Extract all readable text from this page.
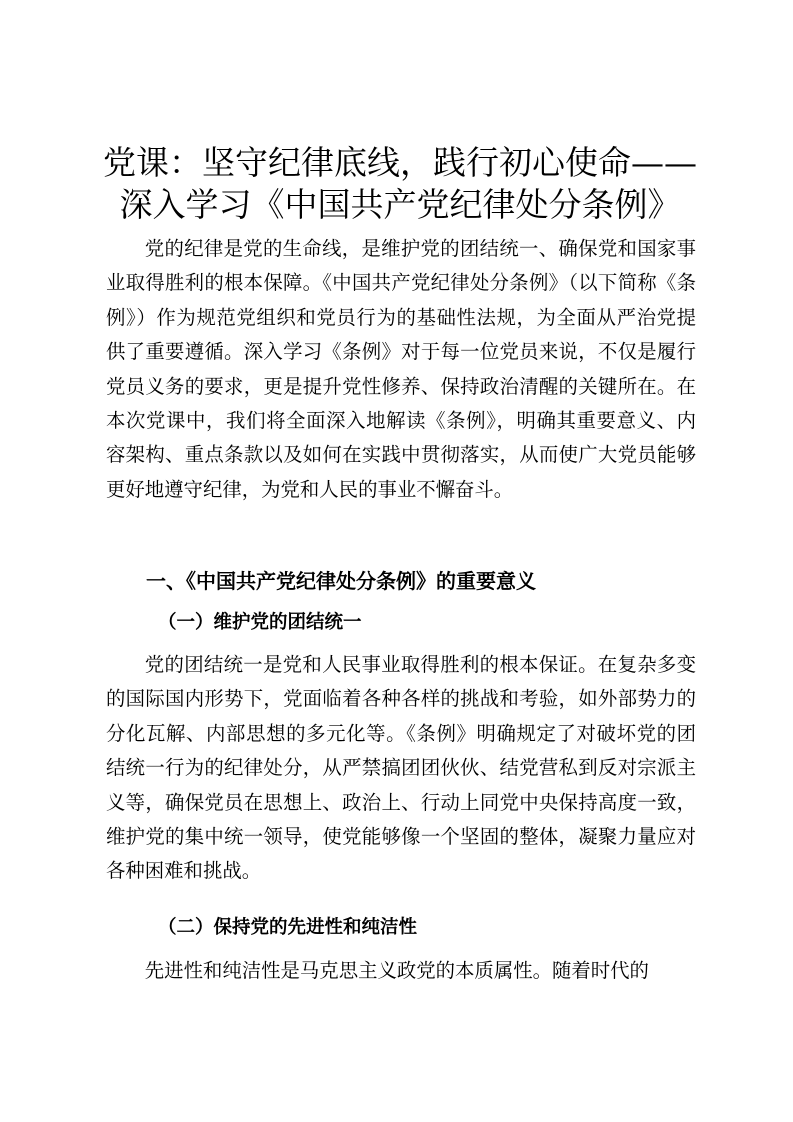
党课：坚守纪律底线，践行初心使命——深入学习《中国共产党纪律处分条例》

党的纪律是党的生命线，是维护党的团结统一、确保党和国家事业取得胜利的根本保障。《中国共产党纪律处分条例》（以下简称《条例》）作为规范党组织和党员行为的基础性法规，为全面从严治党提供了重要遵循。深入学习《条例》对于每一位党员来说，不仅是履行党员义务的要求，更是提升党性修养、保持政治清醒的关键所在。在本次党课中，我们将全面深入地解读《条例》，明确其重要意义、内容架构、重点条款以及如何在实践中贯彻落实，从而使广大党员能够更好地遵守纪律，为党和人民的事业不懈奋斗。

一、《中国共产党纪律处分条例》的重要意义
（一）维护党的团结统一

党的团结统一是党和人民事业取得胜利的根本保证。在复杂多变的国际国内形势下，党面临着各种各样的挑战和考验，如外部势力的分化瓦解、内部思想的多元化等。《条例》明确规定了对破坏党的团结统一行为的纪律处分，从严禁搞团团伙伙、结党营私到反对宗派主义等，确保党员在思想上、政治上、行动上同党中央保持高度一致，维护党的集中统一领导，使党能够像一个坚固的整体，凝聚力量应对各种困难和挑战。

（二）保持党的先进性和纯洁性

先进性和纯洁性是马克思主义政党的本质属性。随着时代的
